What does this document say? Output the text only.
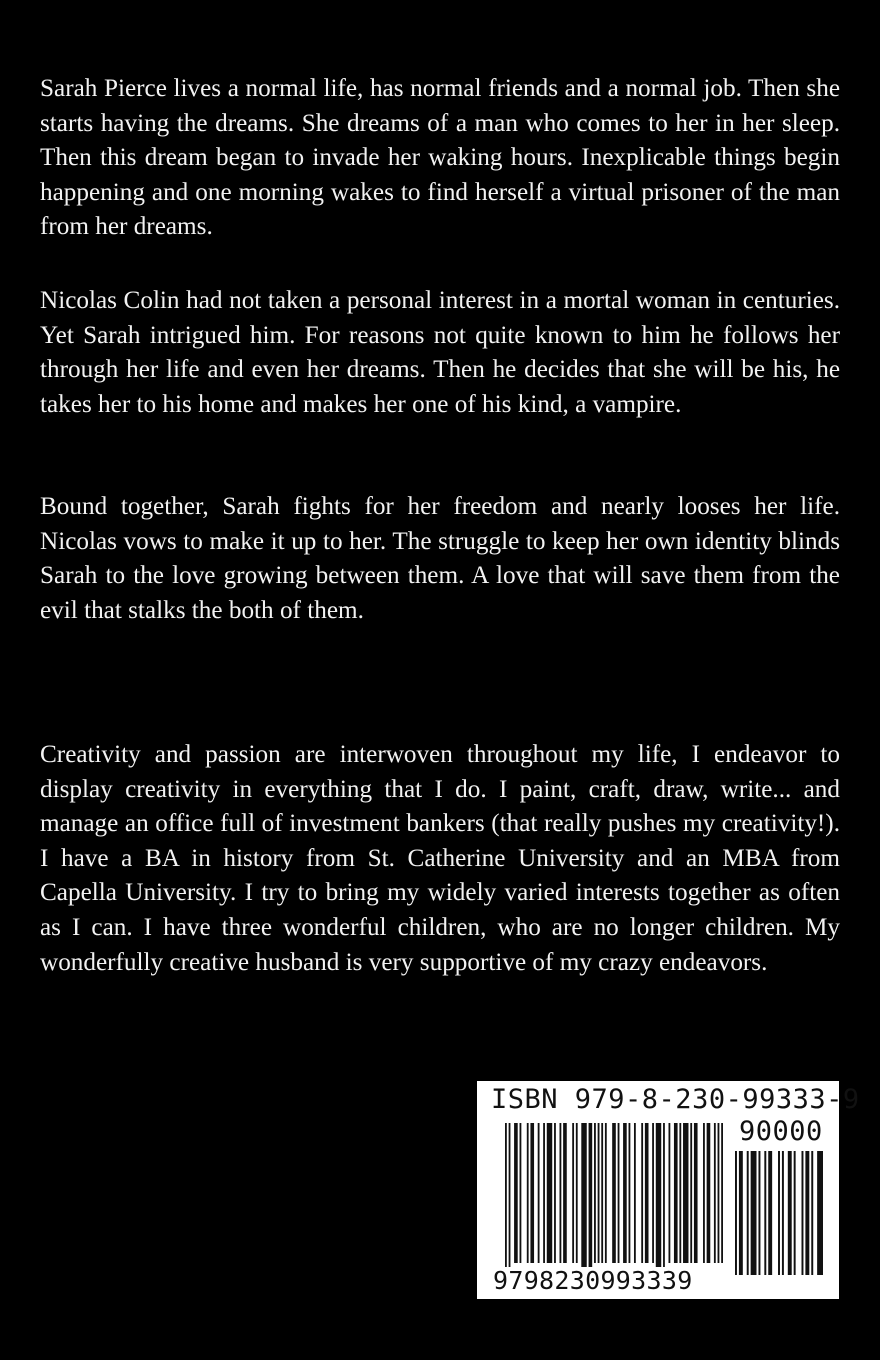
Sarah Pierce lives a normal life, has normal friends and a normal job. Then she starts having the dreams. She dreams of a man who comes to her in her sleep. Then this dream began to invade her waking hours. Inexplicable things begin happening and one morning wakes to find herself a virtual prisoner of the man from her dreams.

Nicolas Colin had not taken a personal interest in a mortal woman in centuries. Yet Sarah intrigued him. For reasons not quite known to him he follows her through her life and even her dreams. Then he decides that she will be his, he takes her to his home and makes her one of his kind, a vampire.

Bound together, Sarah fights for her freedom and nearly looses her life. Nicolas vows to make it up to her. The struggle to keep her own identity blinds Sarah to the love growing between them. A love that will save them from the evil that stalks the both of them.

Creativity and passion are interwoven throughout my life, I endeavor to display creativity in everything that I do. I paint, craft, draw, write... and manage an office full of investment bankers (that really pushes my creativity!). I have a BA in history from St. Catherine University and an MBA from Capella University. I try to bring my widely varied interests together as often as I can. I have three wonderful children, who are no longer children. My wonderfully creative husband is very supportive of my crazy endeavors.

ISBN 979-8-230-99333-9
90000
9798230993339
